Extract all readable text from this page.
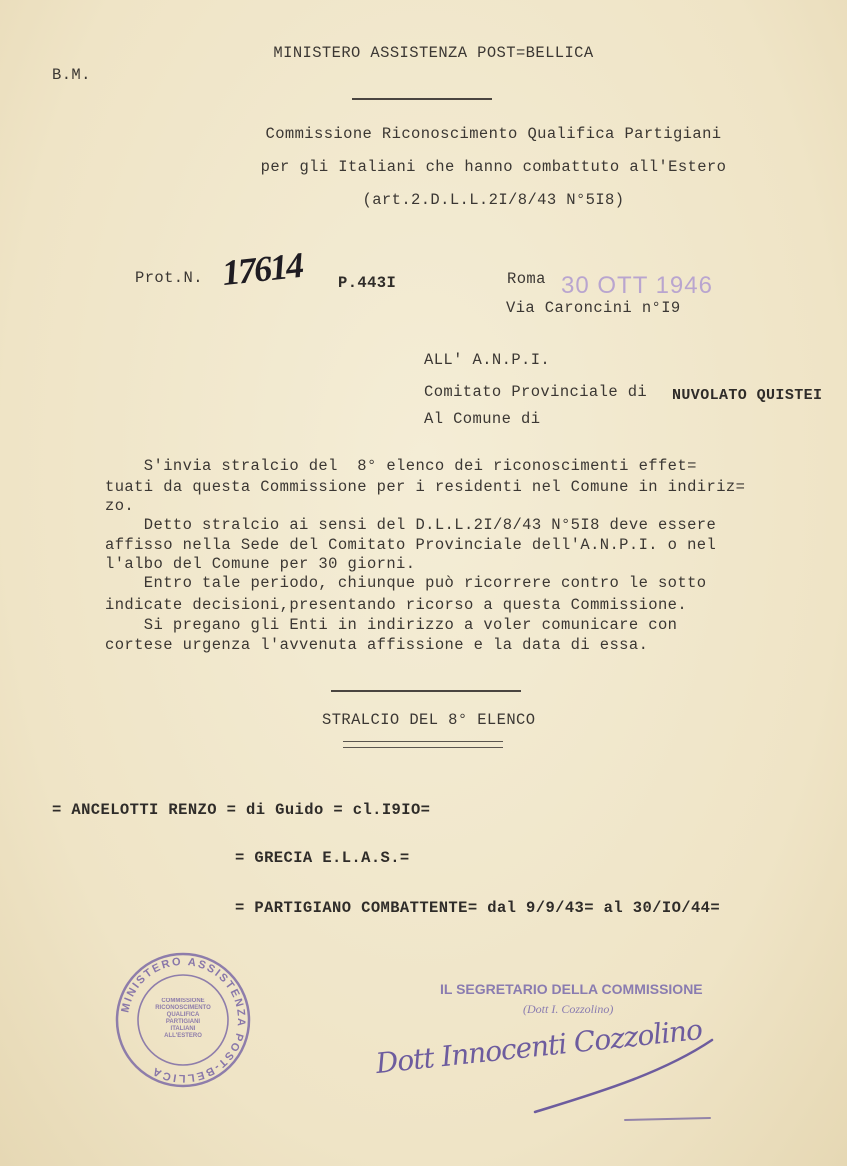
B.M.
MINISTERO ASSISTENZA POST=BELLICA
Commissione Riconoscimento Qualifica Partigiani
per gli Italiani che hanno combattuto all'Estero
(art.2.D.L.L.2I/8/43 N°5I8)
Prot.N. 17614 P.443I	Roma 30 OTT 1946
Via Caroncini n°I9
ALL' A.N.P.I.
Comitato Provinciale di NUVOLATO QUISTEI
Al Comune di
S'invia stralcio del  8° elenco dei riconoscimenti effet=
tuati da questa Commissione per i residenti nel Comune in indiriz=
zo.
Detto stralcio ai sensi del D.L.L.2I/8/43 N°5I8 deve essere
affisso nella Sede del Comitato Provinciale dell'A.N.P.I. o nel
l'albo del Comune per 30 giorni.
Entro tale periodo, chiunque può ricorrere contro le sotto
indicate decisioni,presentando ricorso a questa Commissione.
Si pregano gli Enti in indirizzo a voler comunicare con
cortese urgenza l'avvenuta affissione e la data di essa.
STRALCIO DEL 8° ELENCO
= ANCELOTTI RENZO = di Guido = cl.I9IO=
= GRECIA E.L.A.S.=
= PARTIGIANO COMBATTENTE= dal 9/9/43= al 30/IO/44=
MINISTERO ASSISTENZA POST-BELLICA
COMMISSIONE RICONOSCIMENTO QUALIFICA PARTIGIANI ITALIANI ALL'ESTERO
IL SEGRETARIO DELLA COMMISSIONE
(Dott I. Cozzolino)
Dott Innocenti Cozzolino
